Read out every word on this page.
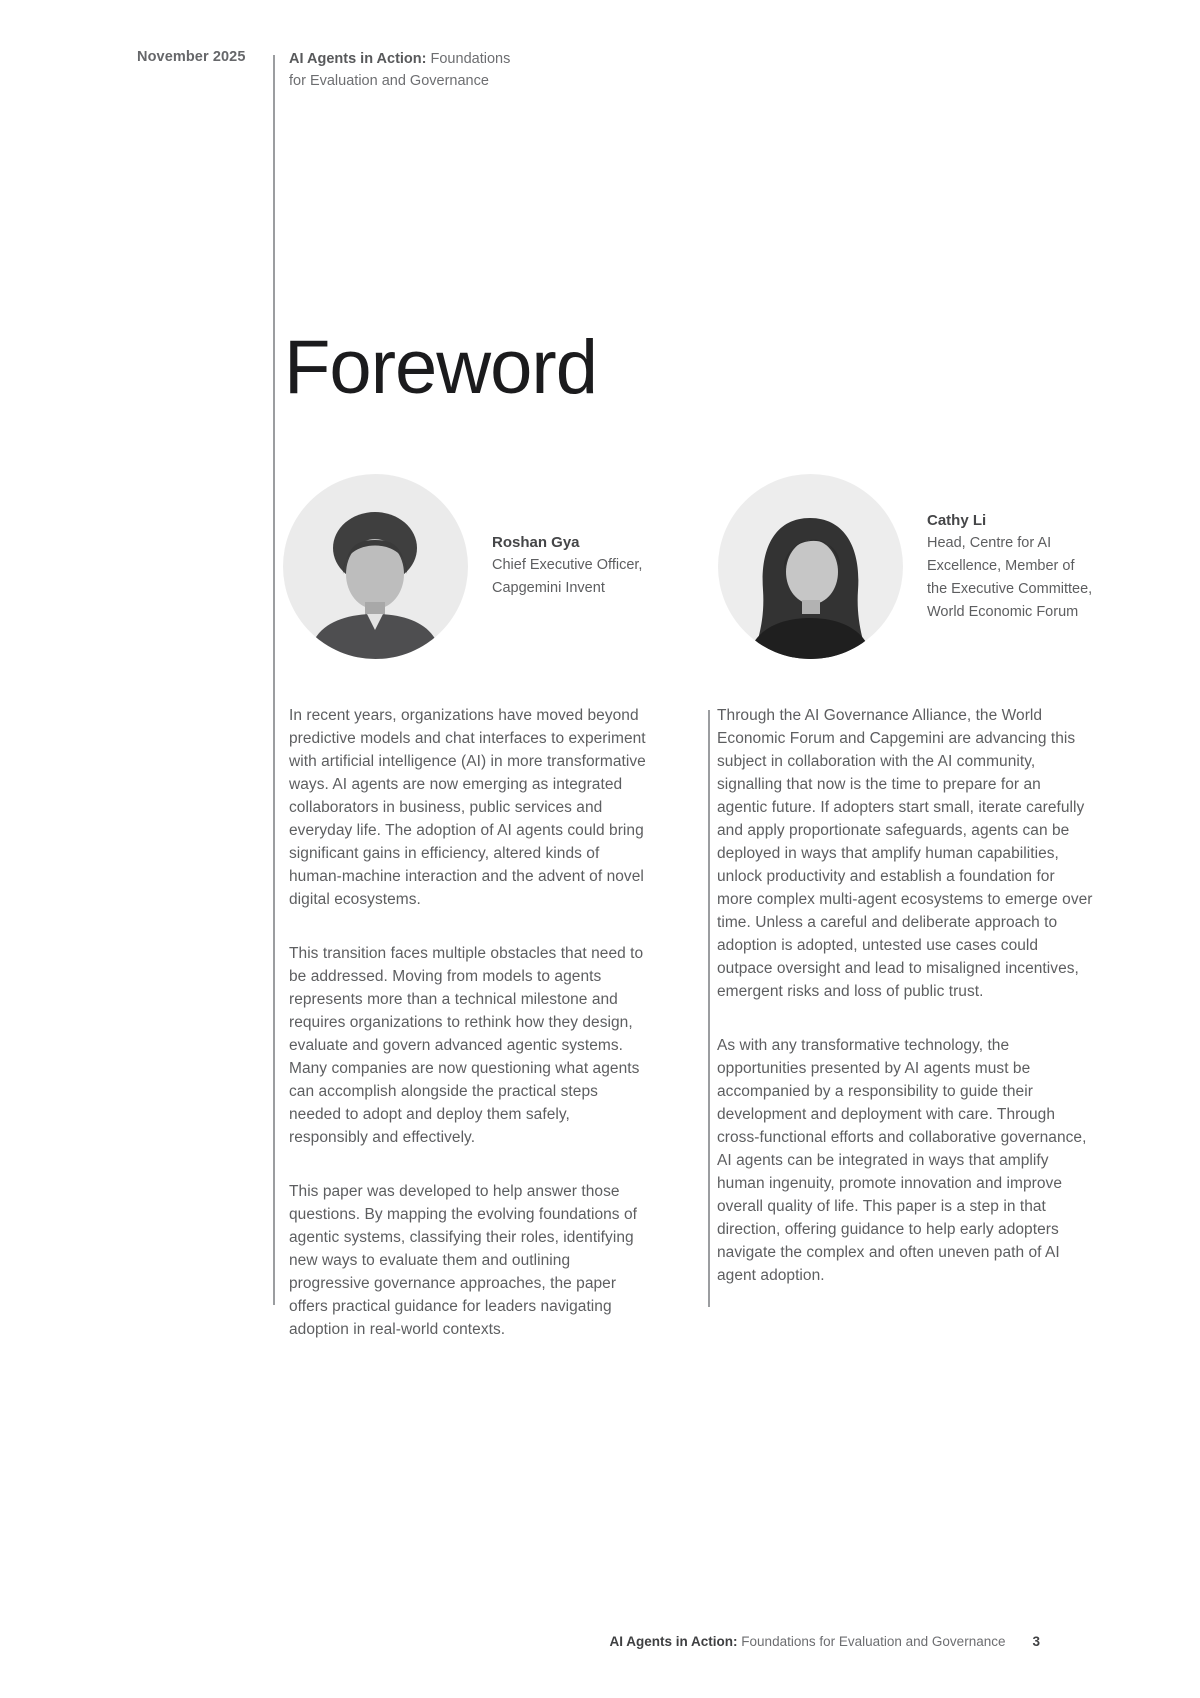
November 2025	AI Agents in Action: Foundations
for Evaluation and Governance
Foreword
Roshan Gya
Chief Executive Officer,
Capgemini Invent
Cathy Li
Head, Centre for AI
Excellence, Member of
the Executive Committee,
World Economic Forum

In recent years, organizations have moved beyond predictive models and chat interfaces to experiment with artificial intelligence (AI) in more transformative ways. AI agents are now emerging as integrated collaborators in business, public services and everyday life. The adoption of AI agents could bring significant gains in efficiency, altered kinds of human-machine interaction and the advent of novel digital ecosystems.

This transition faces multiple obstacles that need to be addressed. Moving from models to agents represents more than a technical milestone and requires organizations to rethink how they design, evaluate and govern advanced agentic systems. Many companies are now questioning what agents can accomplish alongside the practical steps needed to adopt and deploy them safely, responsibly and effectively.

This paper was developed to help answer those questions. By mapping the evolving foundations of agentic systems, classifying their roles, identifying new ways to evaluate them and outlining progressive governance approaches, the paper offers practical guidance for leaders navigating adoption in real-world contexts.

Through the AI Governance Alliance, the World Economic Forum and Capgemini are advancing this subject in collaboration with the AI community, signalling that now is the time to prepare for an agentic future. If adopters start small, iterate carefully and apply proportionate safeguards, agents can be deployed in ways that amplify human capabilities, unlock productivity and establish a foundation for more complex multi-agent ecosystems to emerge over time. Unless a careful and deliberate approach to adoption is adopted, untested use cases could outpace oversight and lead to misaligned incentives, emergent risks and loss of public trust.

As with any transformative technology, the opportunities presented by AI agents must be accompanied by a responsibility to guide their development and deployment with care. Through cross-functional efforts and collaborative governance, AI agents can be integrated in ways that amplify human ingenuity, promote innovation and improve overall quality of life. This paper is a step in that direction, offering guidance to help early adopters navigate the complex and often uneven path of AI agent adoption.

AI Agents in Action: Foundations for Evaluation and Governance 3
